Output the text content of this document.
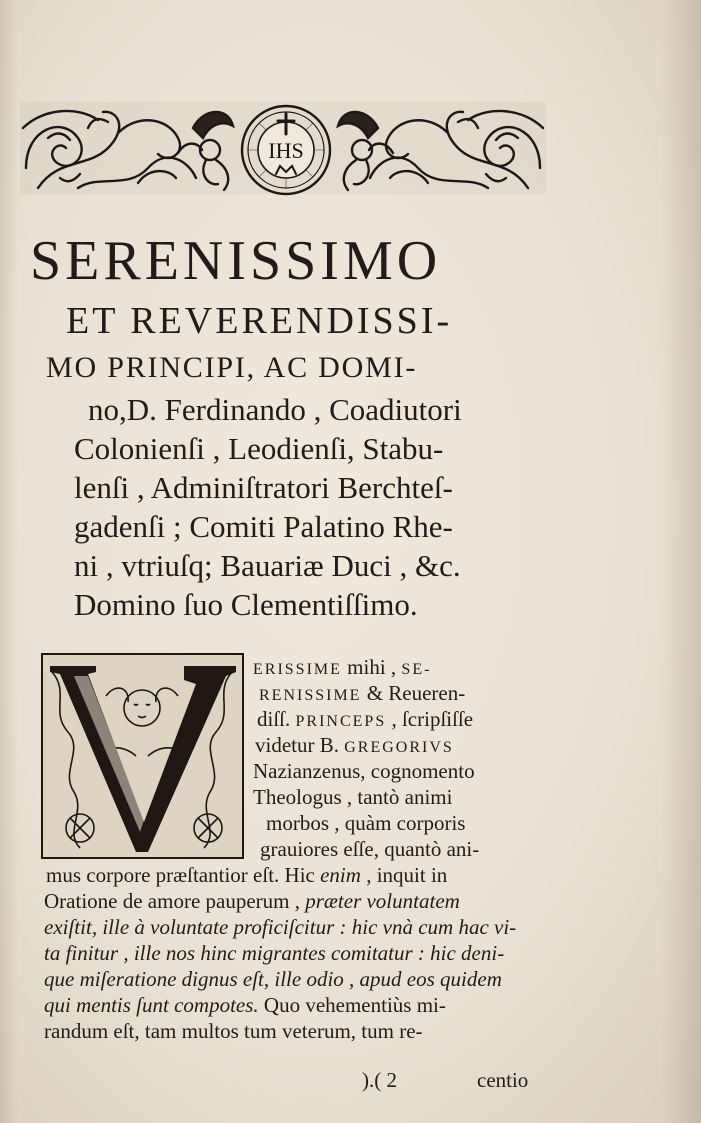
IHS
SERENISSIMO
ET REVERENDISSI-
MO PRINCIPI, AC DOMI-
no,D. Ferdinando , Coadiutori
Colonienſi , Leodienſi, Stabu-
lenſi , Adminiſtratori Berchteſ-
gadenſi ; Comiti Palatino Rhe-
ni , vtriuſq; Bauariæ Duci , &c.
Domino ſuo Clementiſſimo.
ERISSIME mihi , SE-
RENISSIME & Reueren-
diſſ. PRINCEPS , ſcripſiſſe
videtur B. GREGORIVS
Nazianzenus, cognomento
Theologus , tantò animi
morbos , quàm corporis
grauiores eſſe, quantò ani-
mus corpore præſtantior eſt. Hic enim , inquit in
Oratione de amore pauperum , præter voluntatem
exiſtit, ille à voluntate proficiſcitur : hic vnà cum hac vi-
ta finitur , ille nos hinc migrantes comitatur : hic deni-
que miſeratione dignus eſt, ille odio , apud eos quidem
qui mentis ſunt compotes. Quo vehementiùs mi-
randum eſt, tam multos tum veterum, tum re-
).( 2	centio
